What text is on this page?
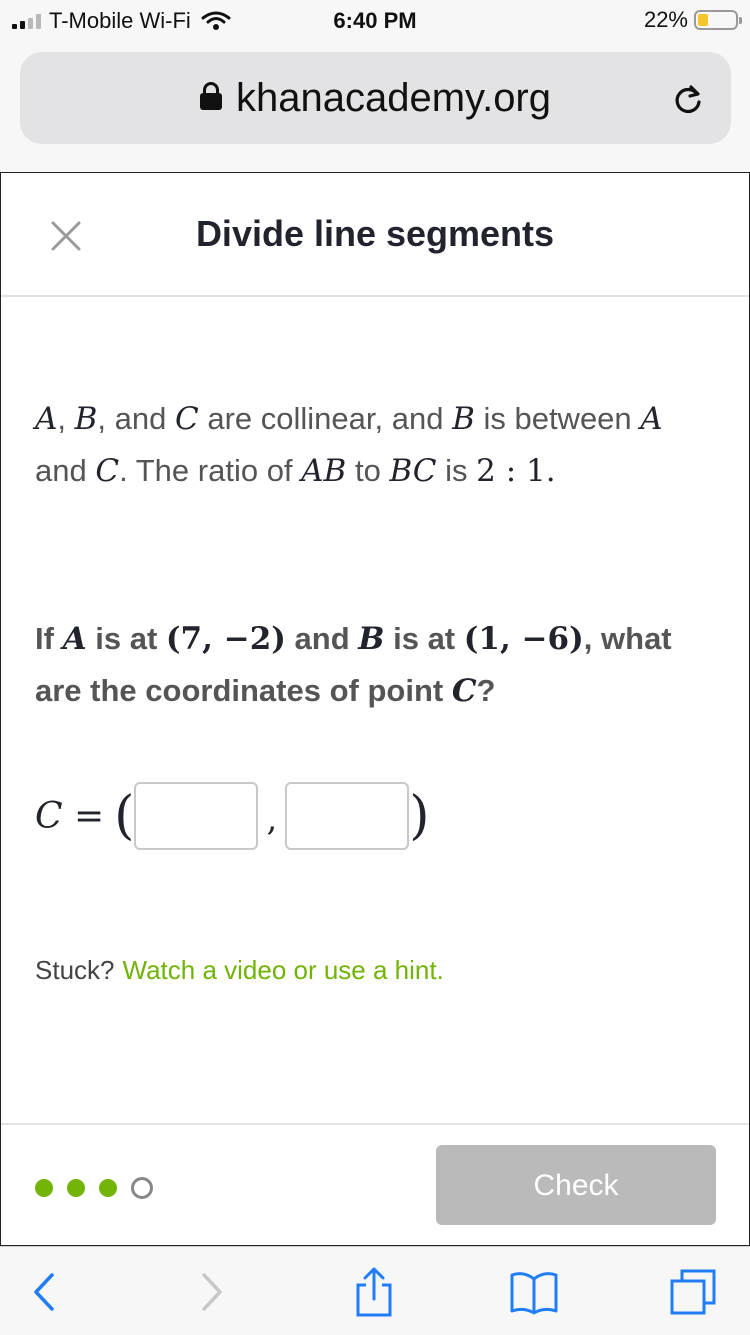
T-Mobile Wi-Fi	6:40 PM	22%
khanacademy.org
Divide line segments
A, B, and C are collinear, and B is between A and C. The ratio of AB to BC is 2 : 1.
If A is at (7, −2) and B is at (1, −6), what are the coordinates of point C?
C = (	,	)
Stuck? Watch a video or use a hint.
Check
